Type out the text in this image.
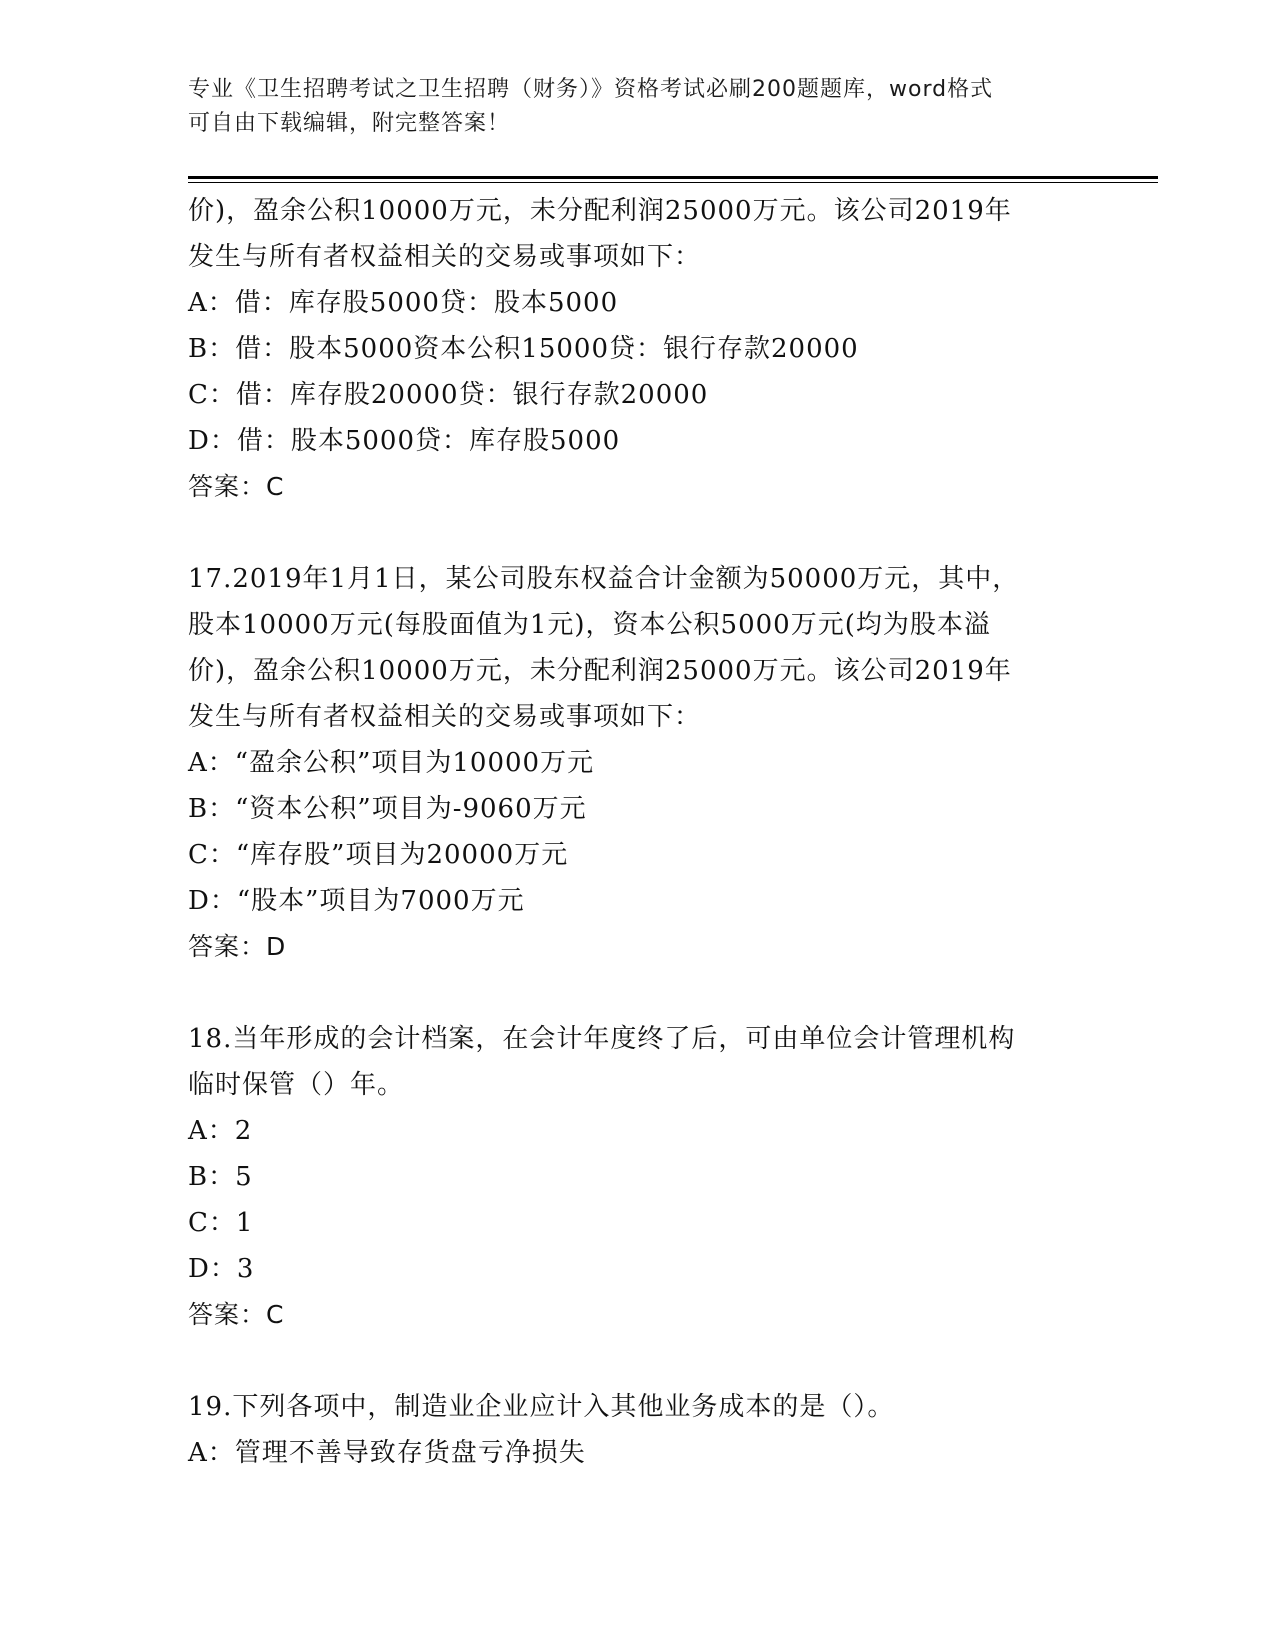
专业《卫生招聘考试之卫生招聘（财务）》资格考试必刷200题题库，word格式
可自由下载编辑，附完整答案！
价)，盈余公积10000万元，未分配利润25000万元。该公司2019年
发生与所有者权益相关的交易或事项如下：
A：借：库存股5000贷：股本5000
B：借：股本5000资本公积15000贷：银行存款20000
C：借：库存股20000贷：银行存款20000
D：借：股本5000贷：库存股5000
答案：C
17.2019年1月1日，某公司股东权益合计金额为50000万元，其中，
股本10000万元(每股面值为1元)，资本公积5000万元(均为股本溢
价)，盈余公积10000万元，未分配利润25000万元。该公司2019年
发生与所有者权益相关的交易或事项如下：
A：“盈余公积”项目为10000万元
B：“资本公积”项目为-9060万元
C：“库存股”项目为20000万元
D：“股本”项目为7000万元
答案：D
18.当年形成的会计档案，在会计年度终了后，可由单位会计管理机构
临时保管（）年。
A：2
B：5
C：1
D：3
答案：C
19.下列各项中，制造业企业应计入其他业务成本的是（）。
A：管理不善导致存货盘亏净损失
